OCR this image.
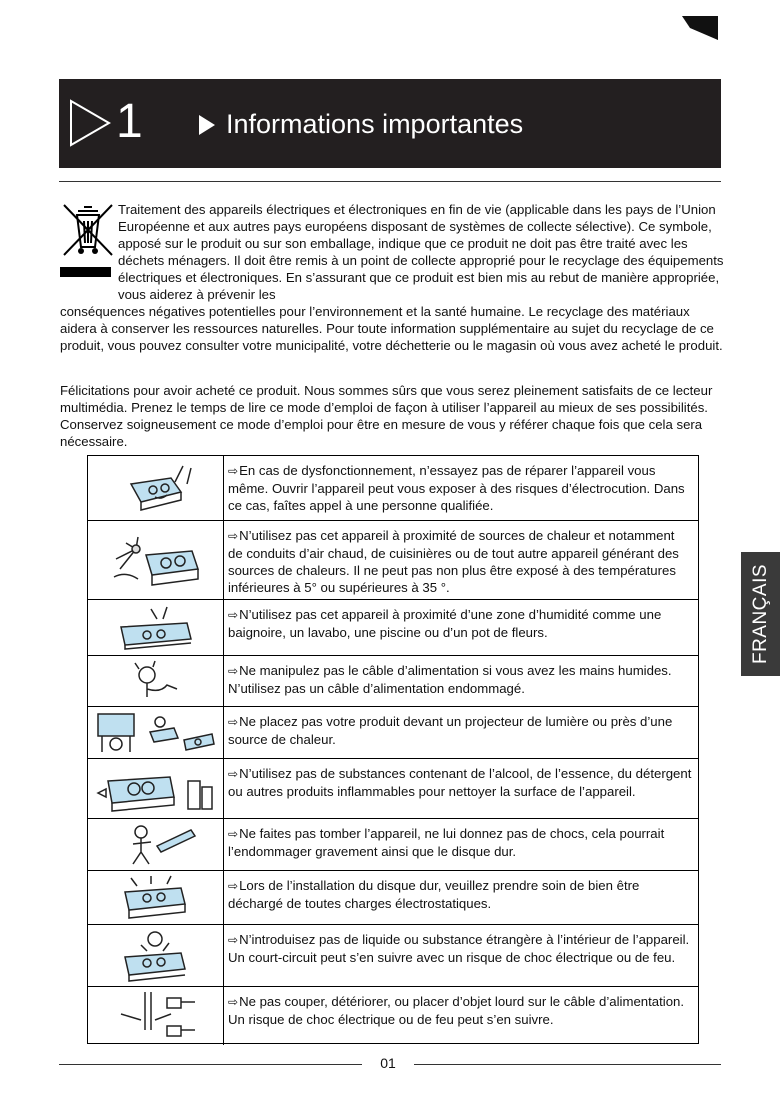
1	Informations importantes

Traitement des appareils électriques et électroniques en fin de vie (applicable dans les pays de l’Union Européenne et aux autres pays européens disposant de systèmes de collecte sélective). Ce symbole, apposé sur le produit ou sur son emballage, indique que ce produit ne doit pas être traité avec les déchets ménagers. Il doit être remis à un point de collecte approprié pour le recyclage des équipements électriques et électroniques. En s’assurant que ce produit est bien mis au rebut de manière appropriée, vous aiderez à prévenir les

conséquences négatives potentielles pour l’environnement et la santé humaine. Le recyclage des matériaux aidera à conserver les ressources naturelles. Pour toute information supplémentaire au sujet du recyclage de ce produit, vous pouvez consulter votre municipalité, votre déchetterie ou le magasin où vous avez acheté le produit.

Félicitations pour avoir acheté ce produit. Nous sommes sûrs que vous serez pleinement satisfaits de ce lecteur multimédia. Prenez le temps de lire ce mode d’emploi de façon à utiliser l’appareil au mieux de ses possibilités. Conservez soigneusement ce mode d’emploi pour être en mesure de vous y référer chaque fois que cela sera nécessaire.

⇨En cas de dysfonctionnement, n’essayez pas de réparer l’appareil vous même. Ouvrir l’appareil peut vous exposer à des risques d’électrocution. Dans ce cas, faîtes appel à une personne qualifiée.
⇨N’utilisez pas cet appareil à proximité de sources de chaleur et notamment de conduits d’air chaud, de cuisinières ou de tout autre appareil générant des sources de chaleurs. Il ne peut pas non plus être exposé à des températures inférieures à 5° ou supérieures à 35 °.
⇨N’utilisez pas cet appareil à proximité d’une zone d’humidité comme une baignoire, un lavabo, une piscine ou d’un pot de fleurs.
⇨Ne manipulez pas le câble d’alimentation si vous avez les mains humides. N’utilisez pas un câble d’alimentation endommagé.
⇨Ne placez pas votre produit devant un projecteur de lumière ou près d’une source de chaleur.
⇨N’utilisez pas de substances contenant de l’alcool, de l’essence, du détergent ou autres produits inflammables pour nettoyer la surface de l’appareil.
⇨Ne faites pas tomber l’appareil, ne lui donnez pas de chocs, cela pourrait l’endommager gravement ainsi que le disque dur.
⇨Lors de l’installation du disque dur, veuillez prendre soin de bien être déchargé de toutes charges électrostatiques.
⇨N’introduisez pas de liquide ou substance étrangère à l’intérieur de l’appareil. Un court-circuit peut s’en suivre avec un risque de choc électrique ou de feu.
⇨Ne pas couper, détériorer, ou placer d’objet lourd sur le câble d’alimentation. Un risque de choc électrique ou de feu peut s’en suivre.
01
FRANÇAIS
